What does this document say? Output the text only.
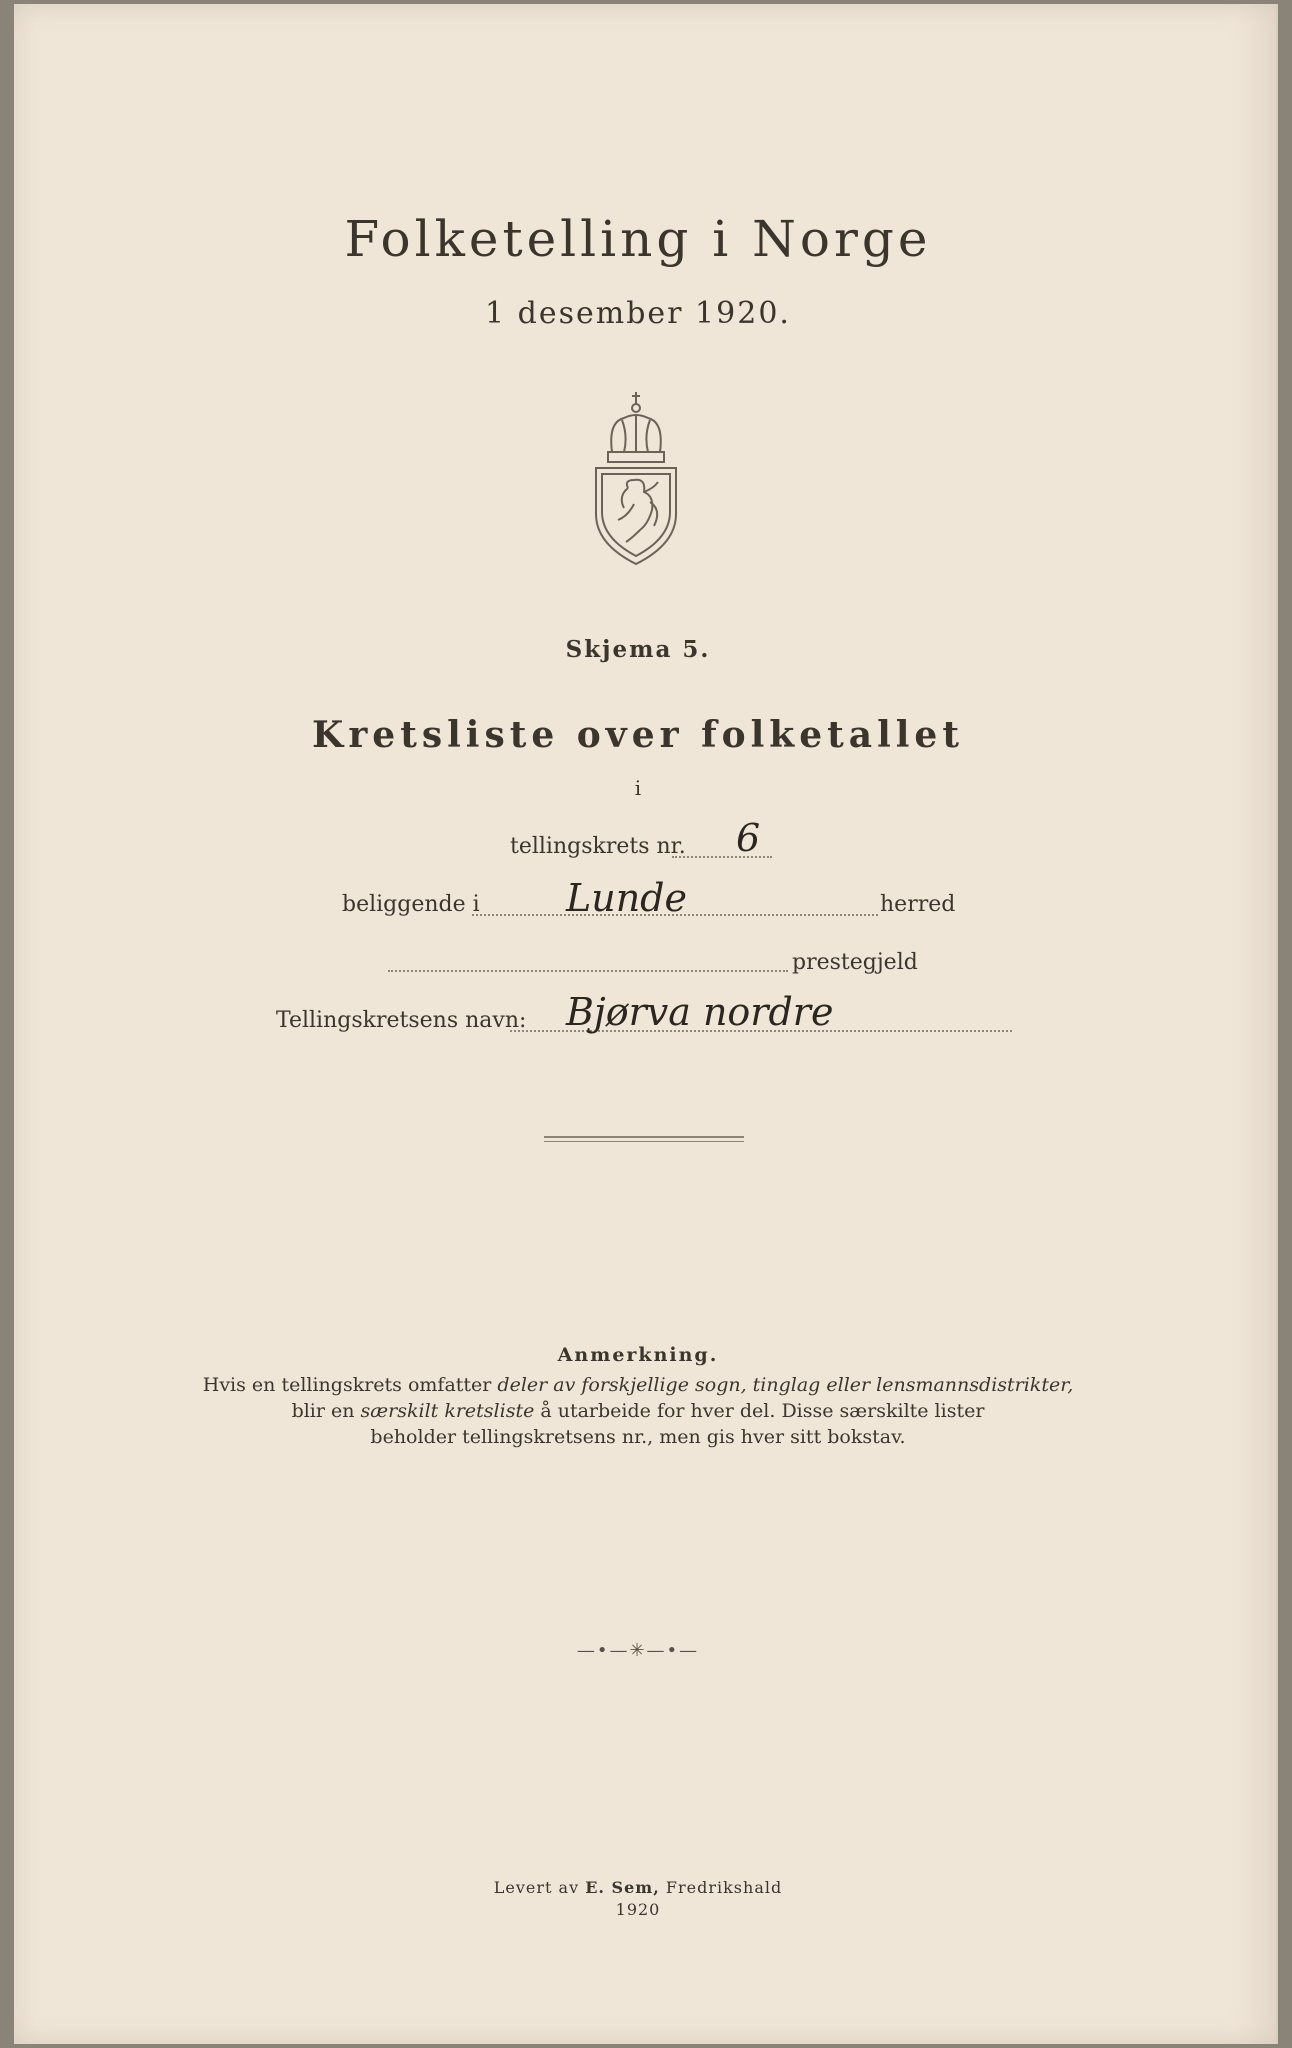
Folketelling i Norge
1 desember 1920.
Skjema 5.
Kretsliste over folketallet
i
tellingskrets nr. 6
beliggende i Lunde	herred
prestegjeld
Tellingskretsens navn: Bjørva nordre
Anmerkning.
Hvis en tellingskrets omfatter deler av forskjellige sogn, tinglag eller lensmannsdistrikter,
blir en særskilt kretsliste å utarbeide for hver del. Disse særskilte lister
beholder tellingskretsens nr., men gis hver sitt bokstav.
—•—✳—•—
Levert av E. Sem, Fredrikshald
1920
